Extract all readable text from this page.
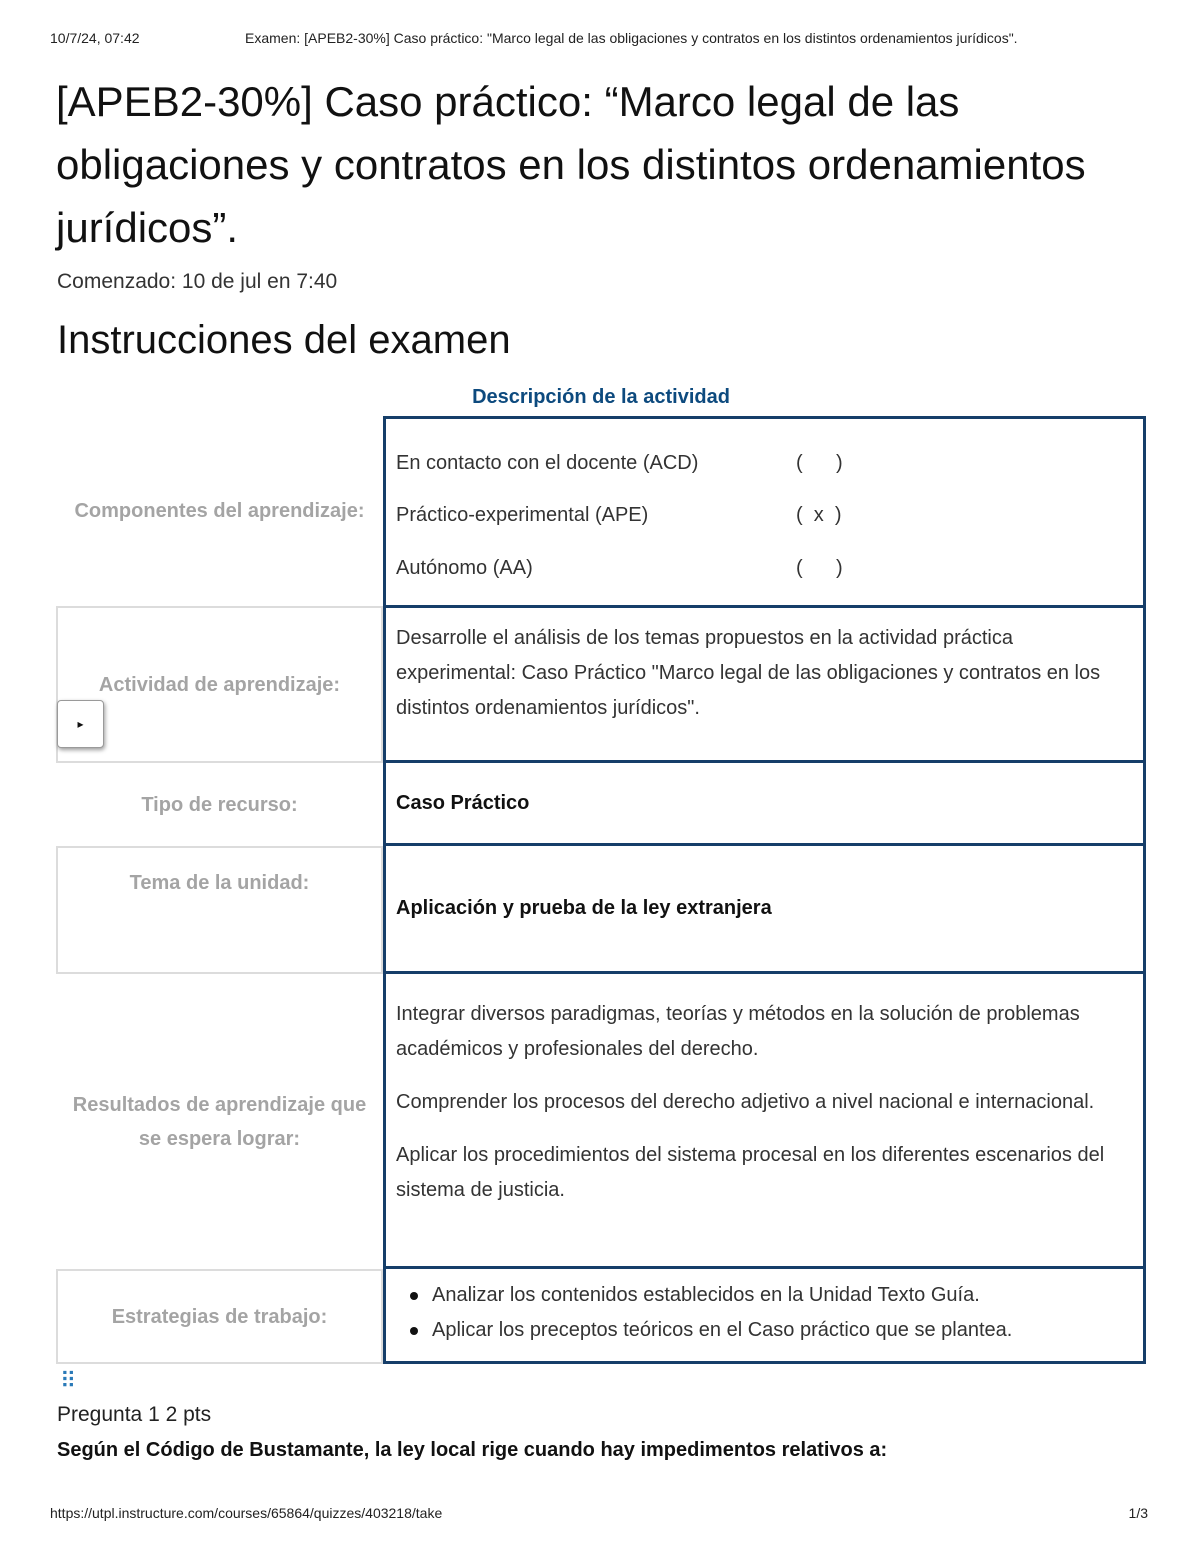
10/7/24, 07:42	Examen: [APEB2-30%] Caso práctico: "Marco legal de las obligaciones y contratos en los distintos ordenamientos jurídicos".
[APEB2-30%] Caso práctico: “Marco legal de las obligaciones y contratos en los distintos ordenamientos jurídicos”.
Comenzado: 10 de jul en 7:40
Instrucciones del examen
Descripción de la actividad
Componentes del aprendizaje:
En contacto con el docente (ACD)	(      )
Práctico-experimental (APE)	(  x  )
Autónomo (AA)	(      )
Actividad de aprendizaje:

Desarrolle el análisis de los temas propuestos en la actividad práctica experimental: Caso Práctico "Marco legal de las obligaciones y contratos en los distintos ordenamientos jurídicos".

Tipo de recurso:	Caso Práctico
Tema de la unidad:
Aplicación y prueba de la ley extranjera
Resultados de aprendizaje que se espera lograr:

Integrar diversos paradigmas, teorías y métodos en la solución de problemas académicos y profesionales del derecho.

Comprender los procesos del derecho adjetivo a nivel nacional e internacional.

Aplicar los procedimientos del sistema procesal en los diferentes escenarios del sistema de justicia.

Estrategias de trabajo:
Analizar los contenidos establecidos en la Unidad Texto Guía.
Aplicar los preceptos teóricos en el Caso práctico que se plantea.
▸
⠿
Pregunta 1 2 pts
Según el Código de Bustamante, la ley local rige cuando hay impedimentos relativos a:
https://utpl.instructure.com/courses/65864/quizzes/403218/take	1/3
